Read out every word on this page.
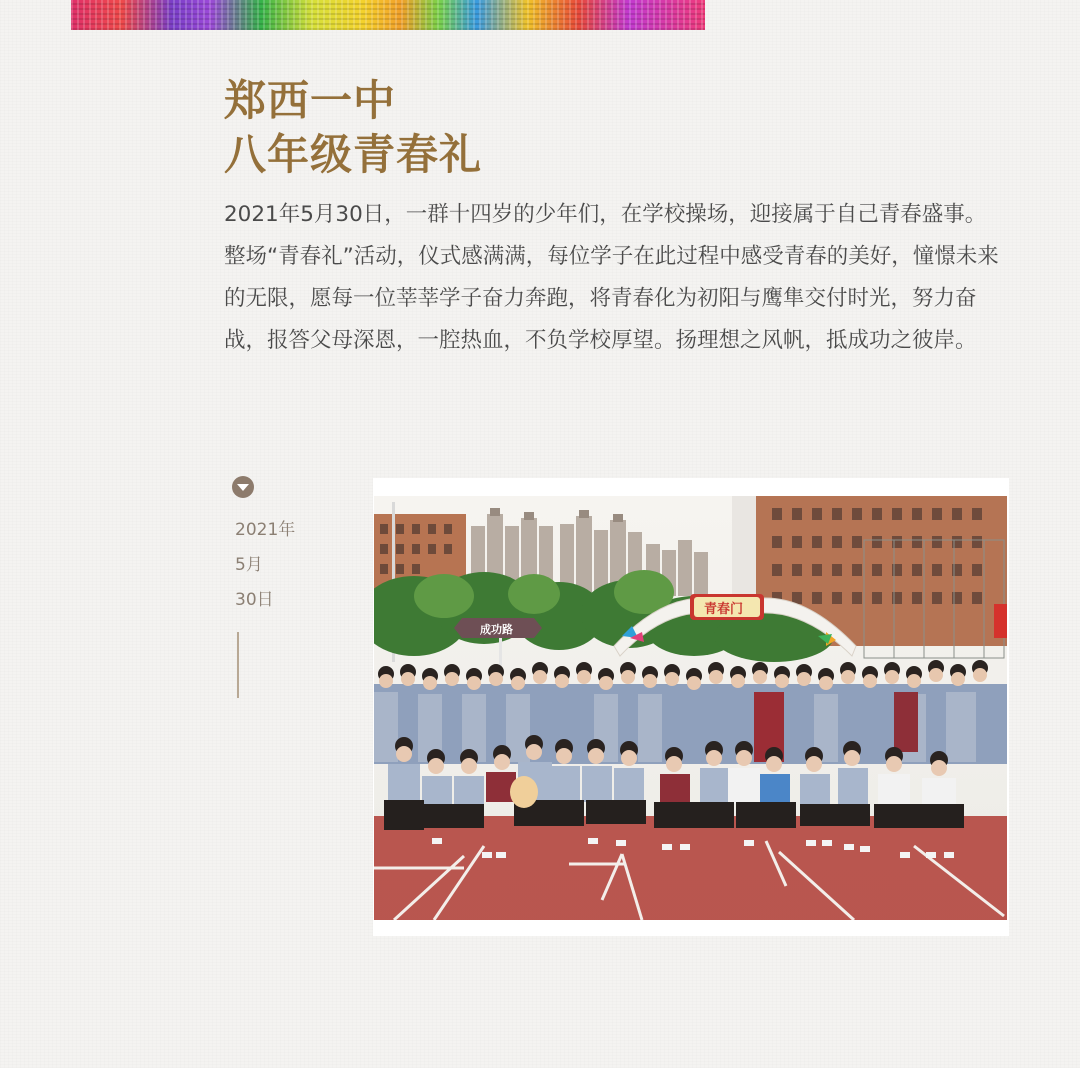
郑西一中
八年级青春礼

2021年5月30日，一群十四岁的少年们，在学校操场，迎接属于自己青春盛事。

整场“青春礼”活动，仪式感满满，每位学子在此过程中感受青春的美好，憧憬未来的无限，愿每一位莘莘学子奋力奔跑，将青春化为初阳与鹰隼交付时光，努力奋战，报答父母深恩，一腔热血，不负学校厚望。扬理想之风帆，抵成功之彼岸。

2021年
5月
30日
成功路
青春门
